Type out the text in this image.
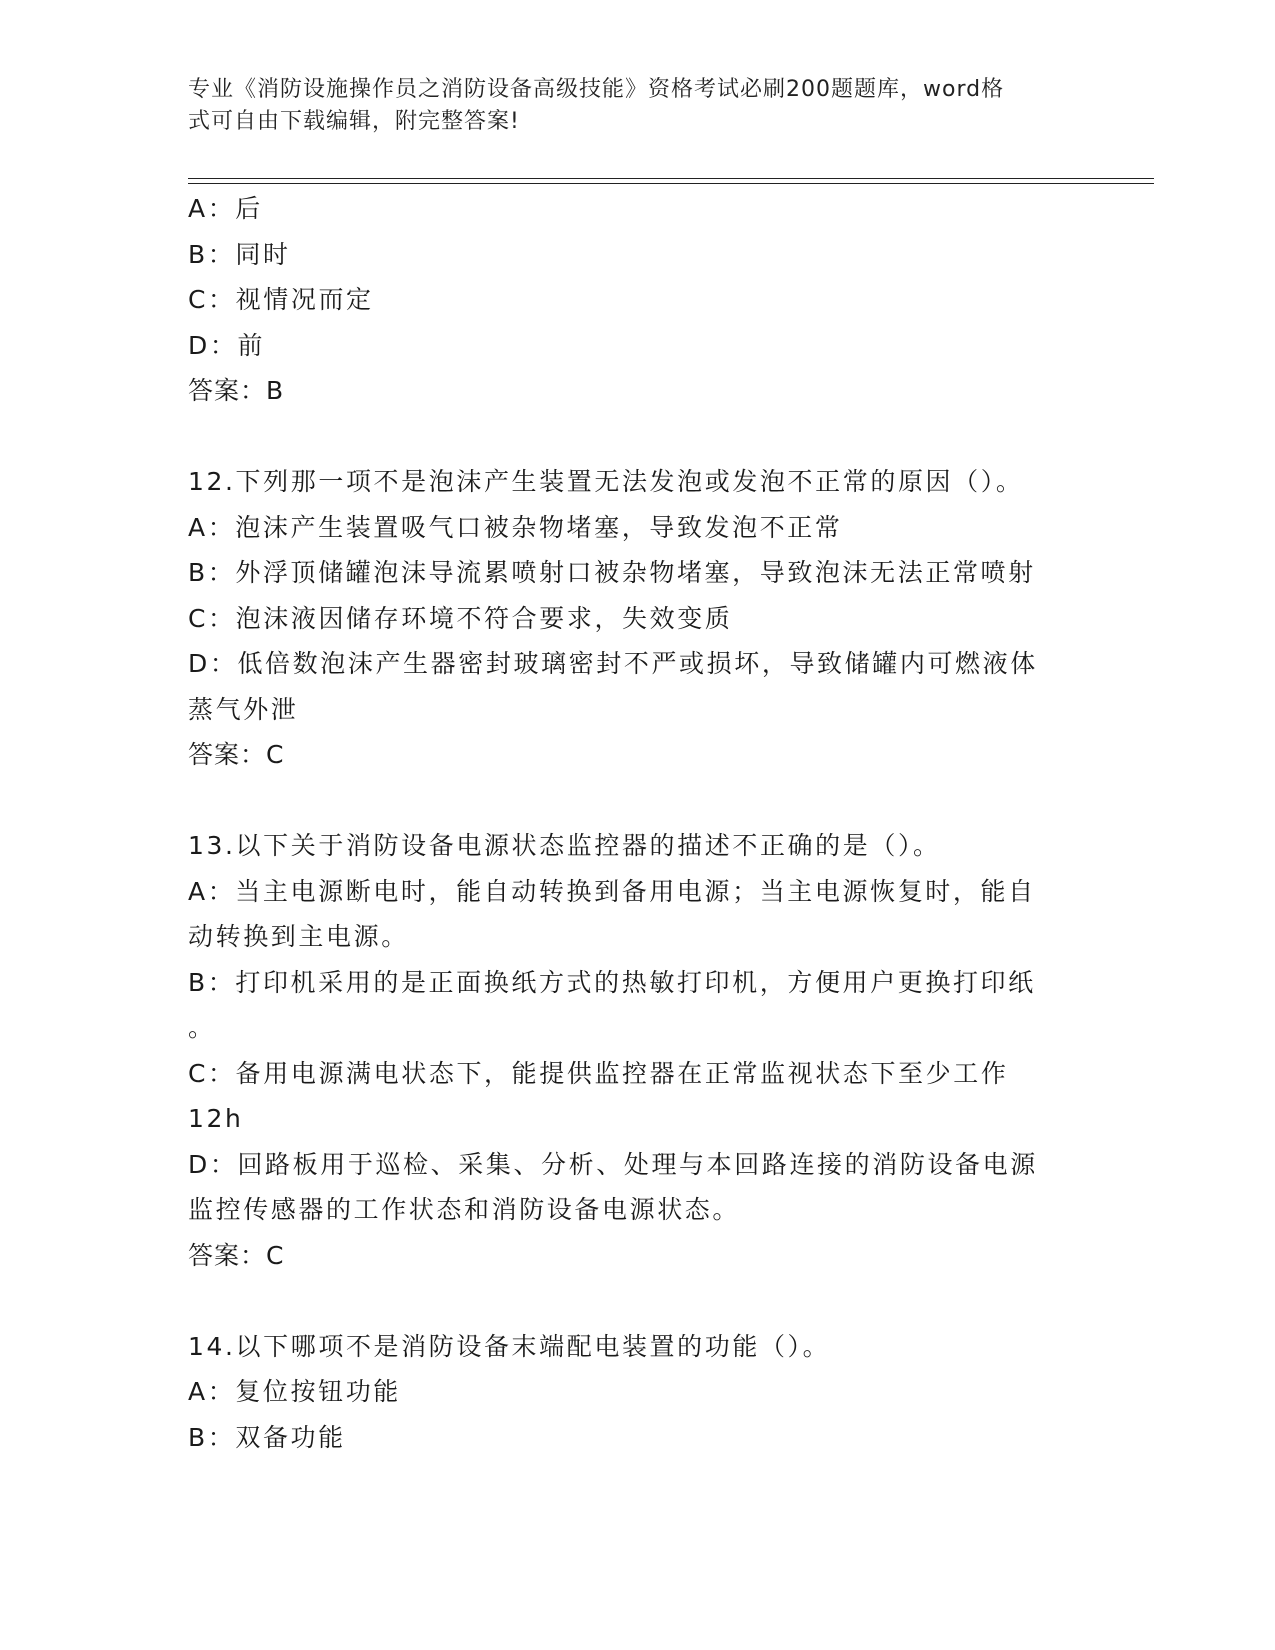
专业《消防设施操作员之消防设备高级技能》资格考试必刷200题题库，word格
式可自由下载编辑，附完整答案!
A：后
B：同时
C：视情况而定
D：前
答案：B
12.下列那一项不是泡沫产生装置无法发泡或发泡不正常的原因（）。
A：泡沫产生装置吸气口被杂物堵塞，导致发泡不正常
B：外浮顶储罐泡沫导流累喷射口被杂物堵塞，导致泡沫无法正常喷射
C：泡沫液因储存环境不符合要求，失效变质
D：低倍数泡沫产生器密封玻璃密封不严或损坏，导致储罐内可燃液体
蒸气外泄
答案：C
13.以下关于消防设备电源状态监控器的描述不正确的是（）。
A：当主电源断电时，能自动转换到备用电源；当主电源恢复时，能自
动转换到主电源。
B：打印机采用的是正面换纸方式的热敏打印机，方便用户更换打印纸
。
C：备用电源满电状态下，能提供监控器在正常监视状态下至少工作
12h
D：回路板用于巡检、采集、分析、处理与本回路连接的消防设备电源
监控传感器的工作状态和消防设备电源状态。
答案：C
14.以下哪项不是消防设备末端配电装置的功能（）。
A：复位按钮功能
B：双备功能
